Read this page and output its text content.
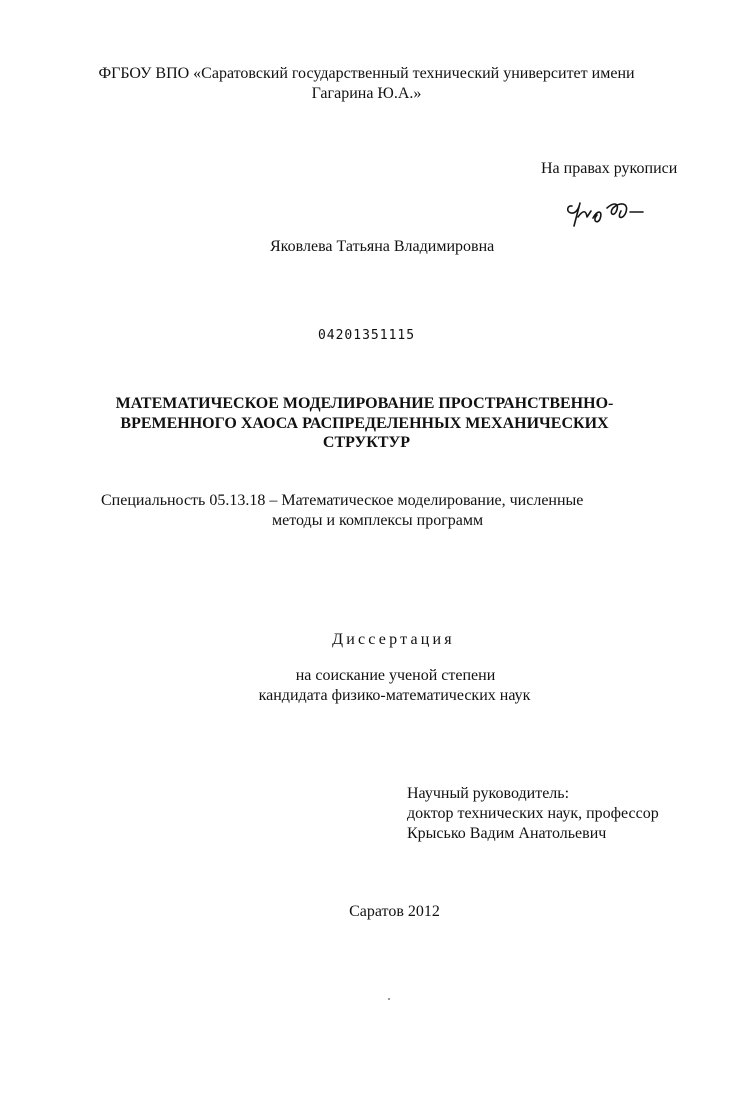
ФГБОУ ВПО «Саратовский государственный технический университет имени
Гагарина Ю.А.»
На правах рукописи
Яковлева Татьяна Владимировна
04201351115
МАТЕМАТИЧЕСКОЕ МОДЕЛИРОВАНИЕ ПРОСТРАНСТВЕННО-
ВРЕМЕННОГО ХАОСА РАСПРЕДЕЛЕННЫХ МЕХАНИЧЕСКИХ
СТРУКТУР
Специальность 05.13.18 – Математическое моделирование, численные
методы и комплексы программ
Диссертация
на соискание ученой степени
кандидата физико-математических наук
Научный руководитель:
доктор технических наук, профессор
Крысько Вадим Анатольевич
Саратов 2012
